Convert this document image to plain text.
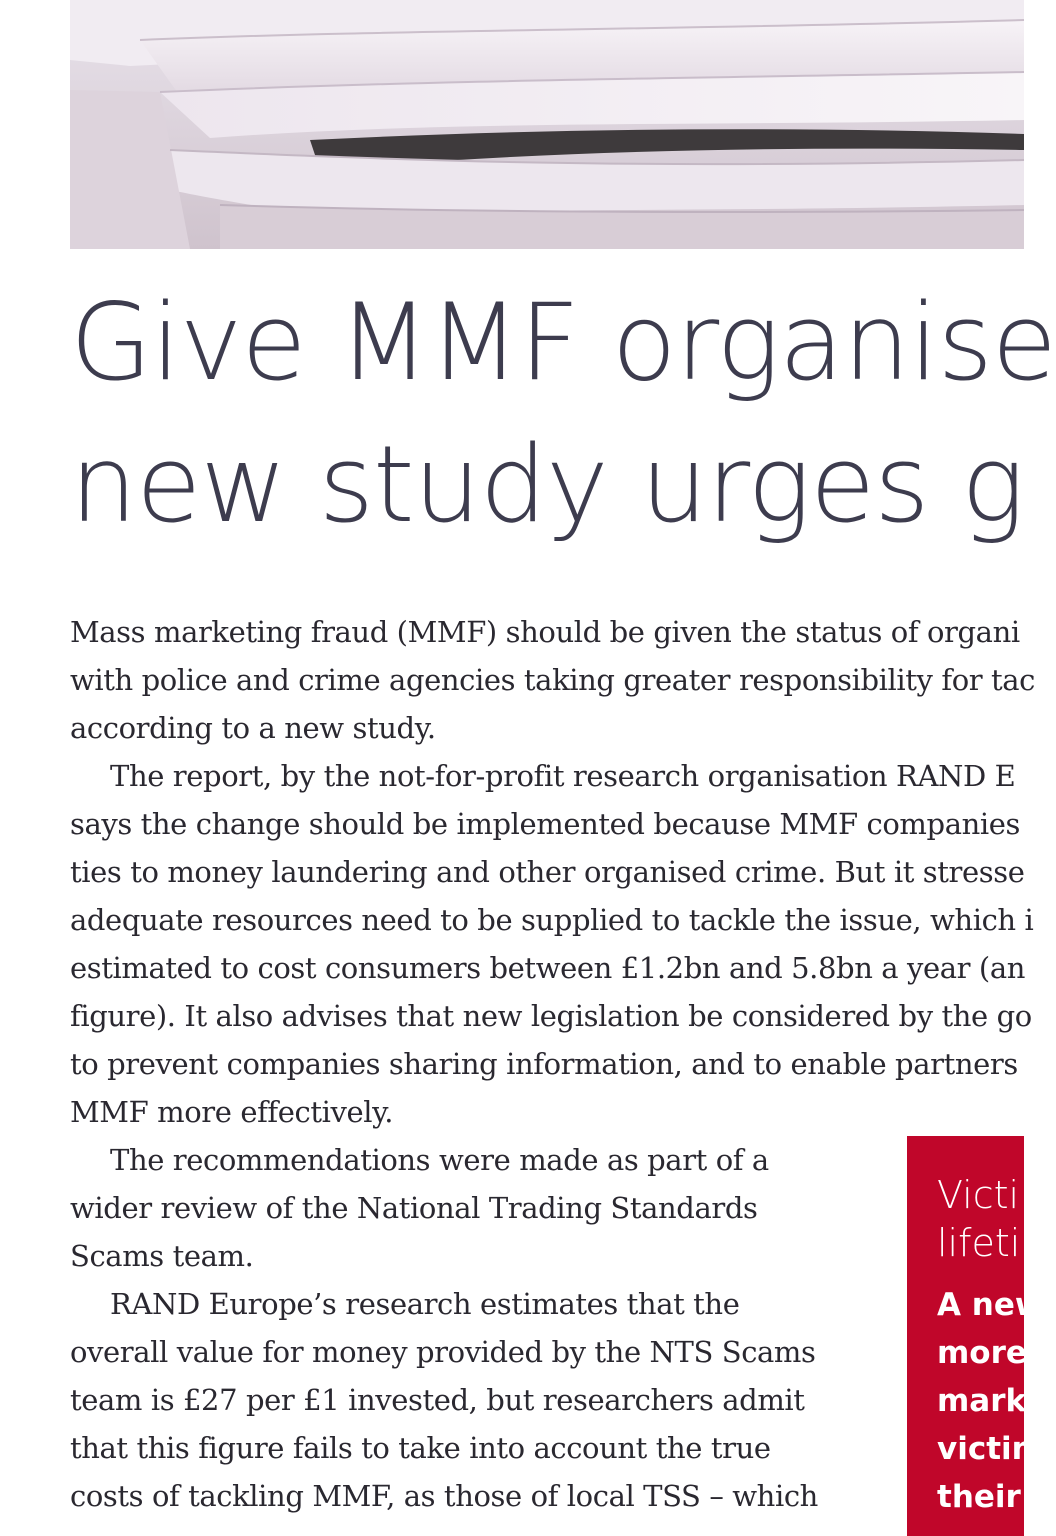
Give MMF organise
new study urges g
Mass marketing fraud (MMF) should be given the status of organi
with police and crime agencies taking greater responsibility for tac
according to a new study.
The report, by the not-for-profit research organisation RAND E
says the change should be implemented because MMF companies
ties to money laundering and other organised crime. But it stresse
adequate resources need to be supplied to tackle the issue, which i
estimated to cost consumers between £1.2bn and 5.8bn a year (an
figure). It also advises that new legislation be considered by the go
to prevent companies sharing information, and to enable partners
MMF more effectively.
The recommendations were made as part of a
wider review of the National Trading Standards
Scams team.
RAND Europe’s research estimates that the
overall value for money provided by the NTS Scams
team is £27 per £1 invested, but researchers admit
that this figure fails to take into account the true
costs of tackling MMF, as those of local TSS – which
Victi
lifetin
A new
more
marke
victim
their li
